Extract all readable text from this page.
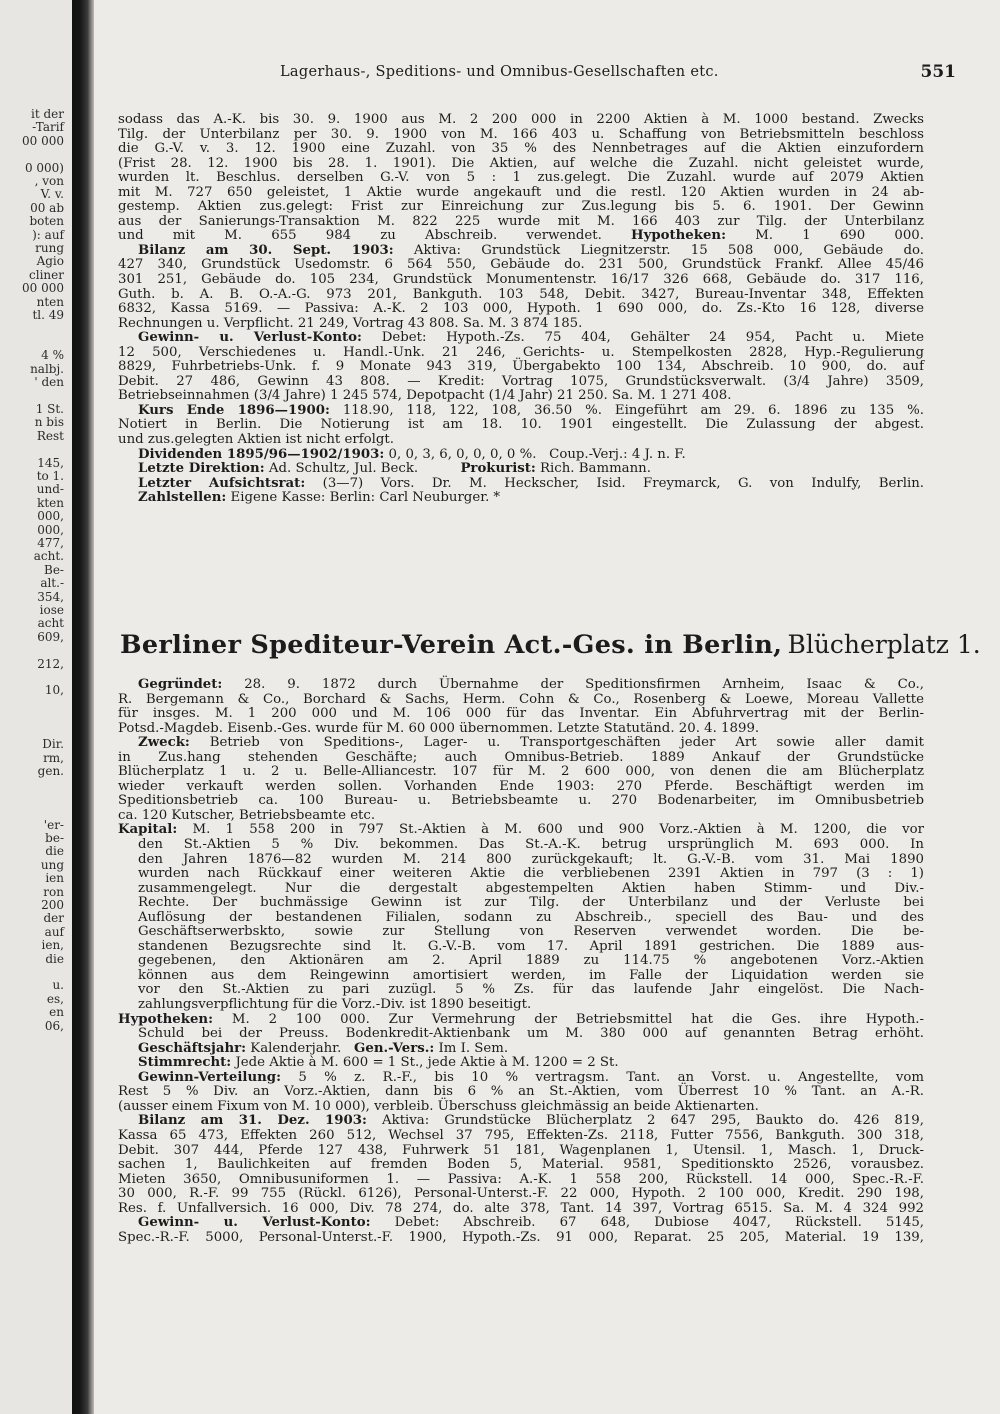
it der
-Tarif
00 000

0 000)
, von
V. v.
00 ab
boten
): auf
rung
Agio
cliner
00 000
nten
tl. 49

4 %
nalbj.
' den

1 St.
n bis
Rest

145,
to 1.
und-
kten
000,
000,
477,
acht.
Be-
alt.-
354,
iose
acht
609,

212,

10,

Dir.
rm,
gen.

'er-
be-
die
ung
ien
ron
200
der
auf
ien,
die

u.
es,
en
06,
Lagerhaus-, Speditions- und Omnibus-Gesellschaften etc.	551

sodass das A.-K. bis 30. 9. 1900 aus M. 2 200 000 in 2200 Aktien à M. 1000 bestand. Zwecks

Tilg. der Unterbilanz per 30. 9. 1900 von M. 166 403 u. Schaffung von Betriebsmitteln beschloss

die G.-V. v. 3. 12. 1900 eine Zuzahl. von 35 % des Nennbetrages auf die Aktien einzufordern

(Frist 28. 12. 1900 bis 28. 1. 1901). Die Aktien, auf welche die Zuzahl. nicht geleistet wurde,

wurden lt. Beschlus. derselben G.-V. von 5 : 1 zus.gelegt. Die Zuzahl. wurde auf 2079 Aktien

mit M. 727 650 geleistet, 1 Aktie wurde angekauft und die restl. 120 Aktien wurden in 24 ab-

gestemp. Aktien zus.gelegt: Frist zur Einreichung zur Zus.legung bis 5. 6. 1901. Der Gewinn

aus der Sanierungs-Transaktion M. 822 225 wurde mit M. 166 403 zur Tilg. der Unterbilanz

und mit M. 655 984 zu Abschreib. verwendet. Hypotheken: M. 1 690 000.

Bilanz am 30. Sept. 1903: Aktiva: Grundstück Liegnitzerstr. 15 508 000, Gebäude do.

427 340, Grundstück Usedomstr. 6 564 550, Gebäude do. 231 500, Grundstück Frankf. Allee 45/46

301 251, Gebäude do. 105 234, Grundstück Monumentenstr. 16/17 326 668, Gebäude do. 317 116,

Guth. b. A. B. O.-A.-G. 973 201, Bankguth. 103 548, Debit. 3427, Bureau-Inventar 348, Effekten

6832, Kassa 5169. — Passiva: A.-K. 2 103 000, Hypoth. 1 690 000, do. Zs.-Kto 16 128, diverse

Rechnungen u. Verpflicht. 21 249, Vortrag 43 808. Sa. M. 3 874 185.

Gewinn- u. Verlust-Konto: Debet: Hypoth.-Zs. 75 404, Gehälter 24 954, Pacht u. Miete

12 500, Verschiedenes u. Handl.-Unk. 21 246, Gerichts- u. Stempelkosten 2828, Hyp.-Regulierung

8829, Fuhrbetriebs-Unk. f. 9 Monate 943 319, Übergabekto 100 134, Abschreib. 10 900, do. auf

Debit. 27 486, Gewinn 43 808. — Kredit: Vortrag 1075, Grundstücksverwalt. (3/4 Jahre) 3509,

Betriebseinnahmen (3/4 Jahre) 1 245 574, Depotpacht (1/4 Jahr) 21 250. Sa. M. 1 271 408.

Kurs Ende 1896—1900: 118.90, 118, 122, 108, 36.50 %. Eingeführt am 29. 6. 1896 zu 135 %.

Notiert in Berlin. Die Notierung ist am 18. 10. 1901 eingestellt. Die Zulassung der abgest.

und zus.gelegten Aktien ist nicht erfolgt.

Dividenden 1895/96—1902/1903: 0, 0, 3, 6, 0, 0, 0, 0 %. Coup.-Verj.: 4 J. n. F.

Letzte Direktion: Ad. Schultz, Jul. Beck.	Prokurist: Rich. Bammann.

Letzter Aufsichtsrat: (3—7) Vors. Dr. M. Heckscher, Isid. Freymarck, G. von Indulfy, Berlin.

Zahlstellen: Eigene Kasse: Berlin: Carl Neuburger. *

Berliner Spediteur-Verein Act.-Ges. in Berlin, Blücherplatz 1.

Gegründet: 28. 9. 1872 durch Übernahme der Speditionsfirmen Arnheim, Isaac & Co.,

R. Bergemann & Co., Borchard & Sachs, Herm. Cohn & Co., Rosenberg & Loewe, Moreau Vallette

für insges. M. 1 200 000 und M. 106 000 für das Inventar. Ein Abfuhrvertrag mit der Berlin-

Potsd.-Magdeb. Eisenb.-Ges. wurde für M. 60 000 übernommen. Letzte Statutänd. 20. 4. 1899.

Zweck: Betrieb von Speditions-, Lager- u. Transportgeschäften jeder Art sowie aller damit

in Zus.hang stehenden Geschäfte; auch Omnibus-Betrieb. 1889 Ankauf der Grundstücke

Blücherplatz 1 u. 2 u. Belle-Alliancestr. 107 für M. 2 600 000, von denen die am Blücherplatz

wieder verkauft werden sollen. Vorhanden Ende 1903: 270 Pferde. Beschäftigt werden im

Speditionsbetrieb ca. 100 Bureau- u. Betriebsbeamte u. 270 Bodenarbeiter, im Omnibusbetrieb

ca. 120 Kutscher, Betriebsbeamte etc.

Kapital: M. 1 558 200 in 797 St.-Aktien à M. 600 und 900 Vorz.-Aktien à M. 1200, die vor

den St.-Aktien 5 % Div. bekommen. Das St.-A.-K. betrug ursprünglich M. 693 000. In

den Jahren 1876—82 wurden M. 214 800 zurückgekauft; lt. G.-V.-B. vom 31. Mai 1890

wurden nach Rückkauf einer weiteren Aktie die verbliebenen 2391 Aktien in 797 (3 : 1)

zusammengelegt. Nur die dergestalt abgestempelten Aktien haben Stimm- und Div.-

Rechte. Der buchmässige Gewinn ist zur Tilg. der Unterbilanz und der Verluste bei

Auflösung der bestandenen Filialen, sodann zu Abschreib., speciell des Bau- und des

Geschäftserwerbskto, sowie zur Stellung von Reserven verwendet worden. Die be-

standenen Bezugsrechte sind lt. G.-V.-B. vom 17. April 1891 gestrichen. Die 1889 aus-

gegebenen, den Aktionären am 2. April 1889 zu 114.75 % angebotenen Vorz.-Aktien

können aus dem Reingewinn amortisiert werden, im Falle der Liquidation werden sie

vor den St.-Aktien zu pari zuzügl. 5 % Zs. für das laufende Jahr eingelöst. Die Nach-

zahlungsverpflichtung für die Vorz.-Div. ist 1890 beseitigt.

Hypotheken: M. 2 100 000. Zur Vermehrung der Betriebsmittel hat die Ges. ihre Hypoth.-

Schuld bei der Preuss. Bodenkredit-Aktienbank um M. 380 000 auf genannten Betrag erhöht.

Geschäftsjahr: Kalenderjahr. Gen.-Vers.: Im I. Sem.

Stimmrecht: Jede Aktie à M. 600 = 1 St., jede Aktie à M. 1200 = 2 St.

Gewinn-Verteilung: 5 % z. R.-F., bis 10 % vertragsm. Tant. an Vorst. u. Angestellte, vom

Rest 5 % Div. an Vorz.-Aktien, dann bis 6 % an St.-Aktien, vom Überrest 10 % Tant. an A.-R.

(ausser einem Fixum von M. 10 000), verbleib. Überschuss gleichmässig an beide Aktienarten.

Bilanz am 31. Dez. 1903: Aktiva: Grundstücke Blücherplatz 2 647 295, Baukto do. 426 819,

Kassa 65 473, Effekten 260 512, Wechsel 37 795, Effekten-Zs. 2118, Futter 7556, Bankguth. 300 318,

Debit. 307 444, Pferde 127 438, Fuhrwerk 51 181, Wagenplanen 1, Utensil. 1, Masch. 1, Druck-

sachen 1, Baulichkeiten auf fremden Boden 5, Material. 9581, Speditionskto 2526, vorausbez.

Mieten 3650, Omnibusuniformen 1. — Passiva: A.-K. 1 558 200, Rückstell. 14 000, Spec.-R.-F.

30 000, R.-F. 99 755 (Rückl. 6126), Personal-Unterst.-F. 22 000, Hypoth. 2 100 000, Kredit. 290 198,

Res. f. Unfallversich. 16 000, Div. 78 274, do. alte 378, Tant. 14 397, Vortrag 6515. Sa. M. 4 324 992

Gewinn- u. Verlust-Konto: Debet: Abschreib. 67 648, Dubiose 4047, Rückstell. 5145,

Spec.-R.-F. 5000, Personal-Unterst.-F. 1900, Hypoth.-Zs. 91 000, Reparat. 25 205, Material. 19 139,
